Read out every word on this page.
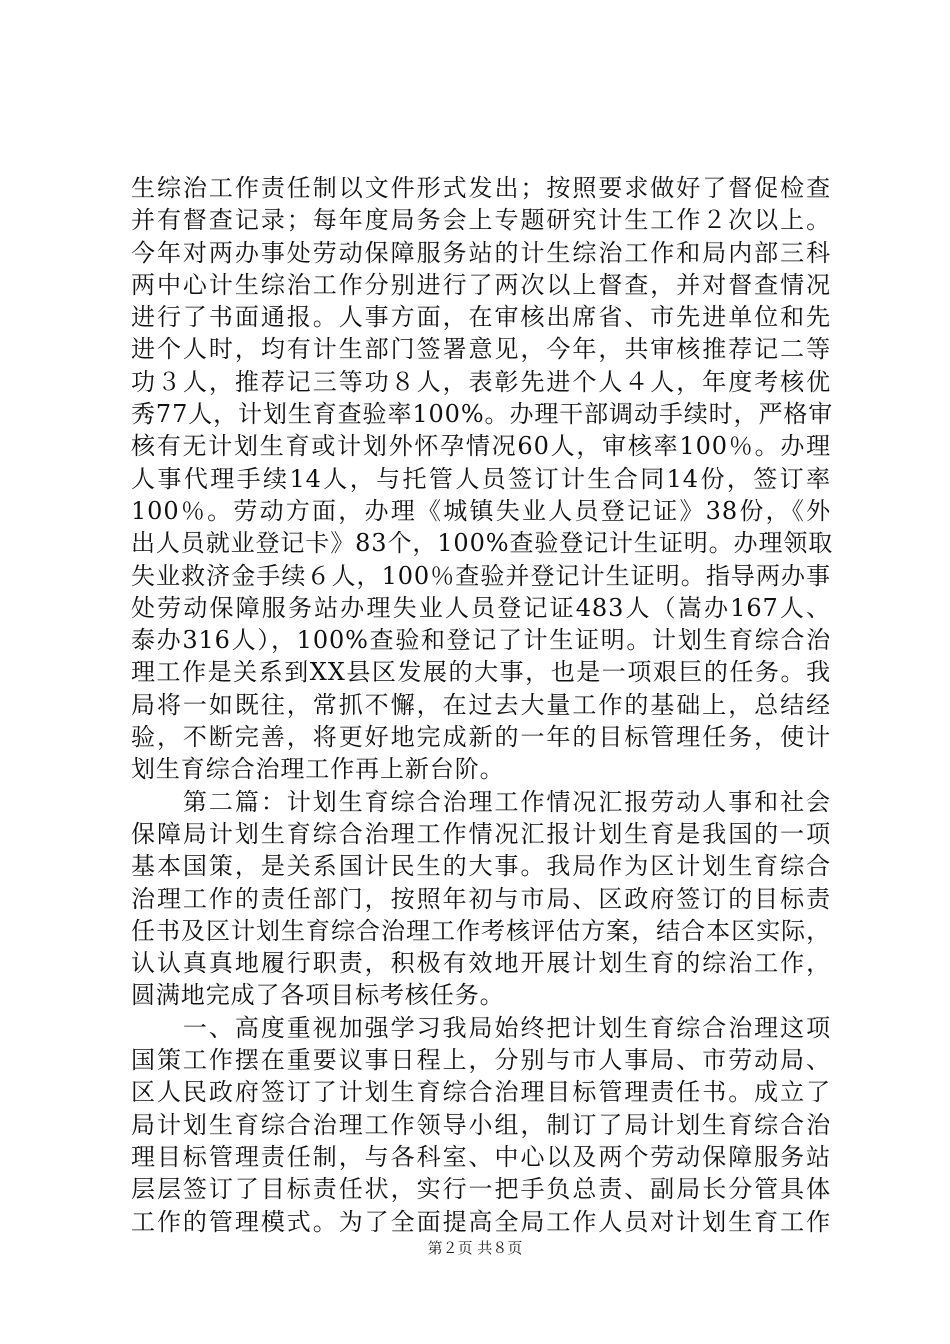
生综治工作责任制以文件形式发出；按照要求做好了督促检查
并有督查记录；每年度局务会上专题研究计生工作２次以上。
今年对两办事处劳动保障服务站的计生综治工作和局内部三科
两中心计生综治工作分别进行了两次以上督查，并对督查情况
进行了书面通报。人事方面，在审核出席省、市先进单位和先
进个人时，均有计生部门签署意见，今年，共审核推荐记二等
功３人，推荐记三等功８人，表彰先进个人４人，年度考核优
秀77人，计划生育查验率100%。办理干部调动手续时，严格审
核有无计划生育或计划外怀孕情况60人，审核率100％。办理
人事代理手续14人，与托管人员签订计生合同14份，签订率
100％。劳动方面，办理《城镇失业人员登记证》38份，《外
出人员就业登记卡》83个，100%查验登记计生证明。办理领取
失业救济金手续６人，100％查验并登记计生证明。指导两办事
处劳动保障服务站办理失业人员登记证483人（嵩办167人、
泰办316人），100%查验和登记了计生证明。计划生育综合治
理工作是关系到XX县区发展的大事，也是一项艰巨的任务。我
局将一如既往，常抓不懈，在过去大量工作的基础上，总结经
验，不断完善，将更好地完成新的一年的目标管理任务，使计
划生育综合治理工作再上新台阶。
　　第二篇：计划生育综合治理工作情况汇报劳动人事和社会
保障局计划生育综合治理工作情况汇报计划生育是我国的一项
基本国策，是关系国计民生的大事。我局作为区计划生育综合
治理工作的责任部门，按照年初与市局、区政府签订的目标责
任书及区计划生育综合治理工作考核评估方案，结合本区实际，
认认真真地履行职责，积极有效地开展计划生育的综治工作，
圆满地完成了各项目标考核任务。
　　一、高度重视加强学习我局始终把计划生育综合治理这项
国策工作摆在重要议事日程上，分别与市人事局、市劳动局、
区人民政府签订了计划生育综合治理目标管理责任书。成立了
局计划生育综合治理工作领导小组，制订了局计划生育综合治
理目标管理责任制，与各科室、中心以及两个劳动保障服务站
层层签订了目标责任状，实行一把手负总责、副局长分管具体
工作的管理模式。为了全面提高全局工作人员对计划生育工作
第２页 共８页
